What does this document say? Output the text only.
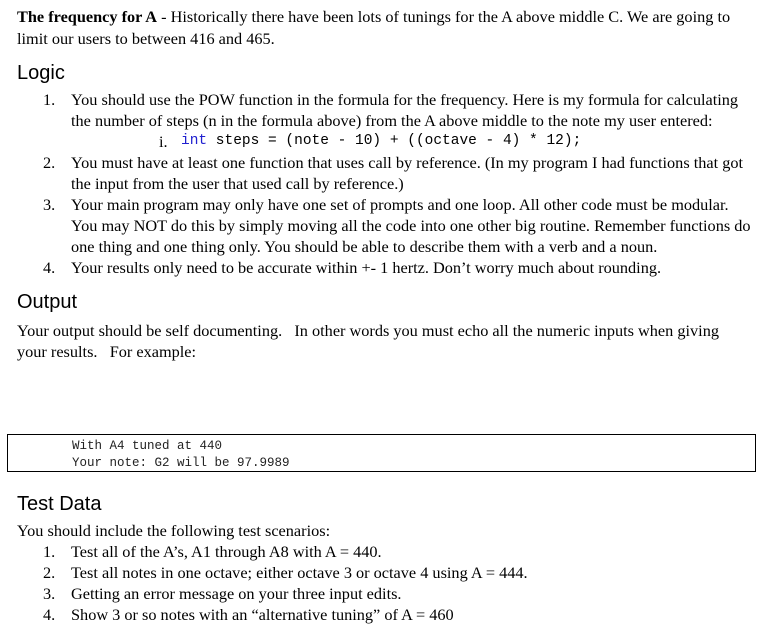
The frequency for A - Historically there have been lots of tunings for the A above middle C. We are going to limit our users to between 416 and 465.

Logic
1. You should use the POW function in the formula for the frequency. Here is my formula for calculating the number of steps (n in the formula above) from the A above middle to the note my user entered:
i. int steps = (note - 10) + ((octave - 4) * 12);
2. You must have at least one function that uses call by reference. (In my program I had functions that got the input from the user that used call by reference.)
3. Your main program may only have one set of prompts and one loop. All other code must be modular. You may NOT do this by simply moving all the code into one other big routine. Remember functions do one thing and one thing only. You should be able to describe them with a verb and a noun.
4. Your results only need to be accurate within +- 1 hertz. Don’t worry much about rounding.
Output

Your output should be self documenting.   In other words you must echo all the numeric inputs when giving your results.   For example:

With A4 tuned at 440
Your note: G2 will be 97.9989
Test Data

You should include the following test scenarios:

1. Test all of the A’s, A1 through A8 with A = 440.
2. Test all notes in one octave; either octave 3 or octave 4 using A = 444.
3. Getting an error message on your three input edits.
4. Show 3 or so notes with an “alternative tuning” of A = 460
